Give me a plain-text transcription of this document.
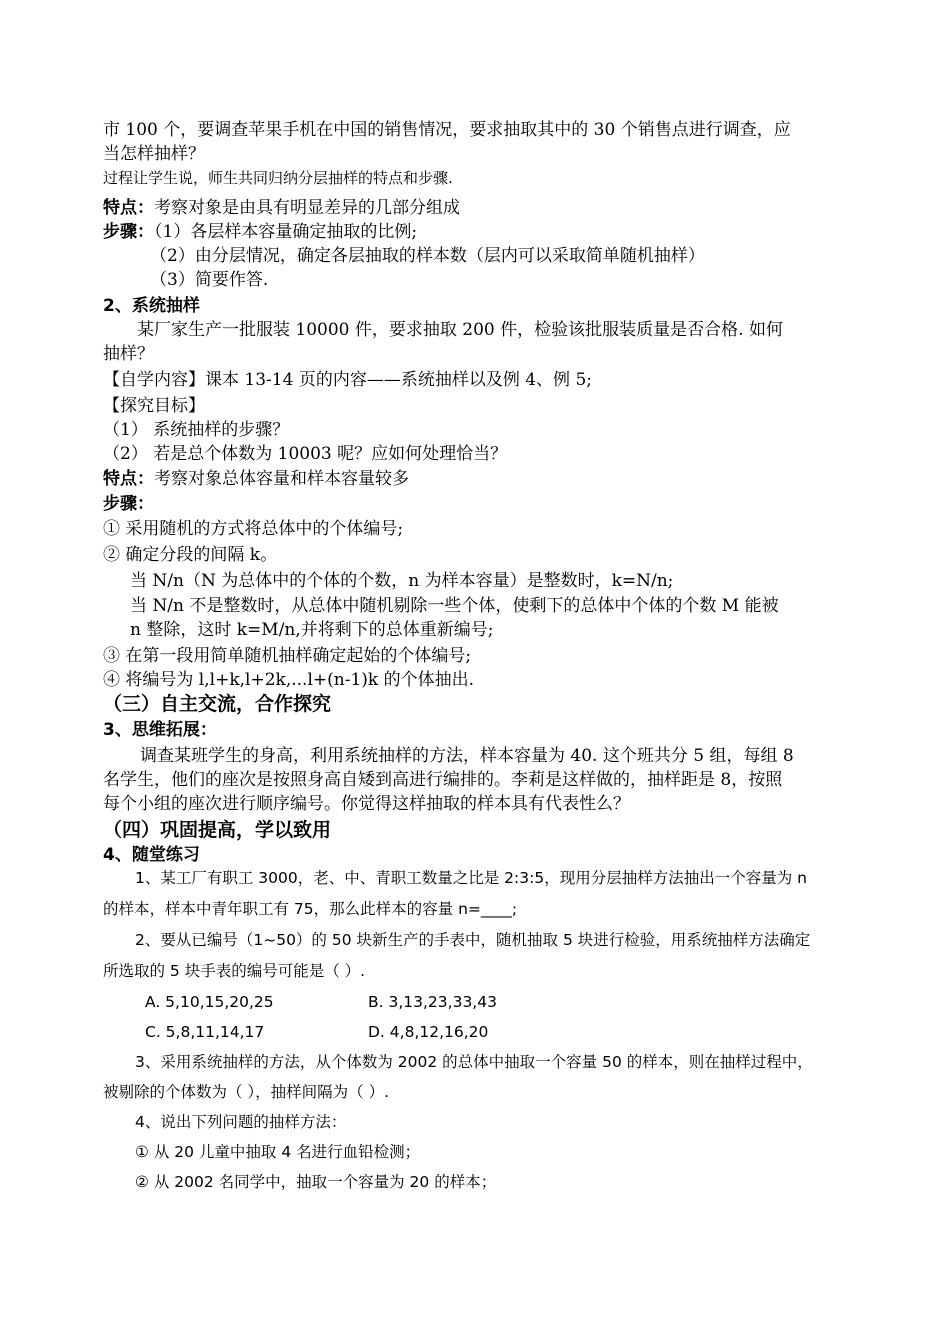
市 100 个，要调查苹果手机在中国的销售情况，要求抽取其中的 30 个销售点进行调查，应
当怎样抽样？
过程让学生说，师生共同归纳分层抽样的特点和步骤.
特点：考察对象是由具有明显差异的几部分组成
步骤：（1）各层样本容量确定抽取的比例;
（2）由分层情况，确定各层抽取的样本数（层内可以采取简单随机抽样）
（3）简要作答.
2、系统抽样
某厂家生产一批服装 10000 件，要求抽取 200 件，检验该批服装质量是否合格. 如何
抽样？
【自学内容】课本 13-14 页的内容——系统抽样以及例 4、例 5;
【探究目标】
（1） 系统抽样的步骤？
（2） 若是总个体数为 10003 呢？应如何处理恰当？
特点：考察对象总体容量和样本容量较多
步骤：
① 采用随机的方式将总体中的个体编号;
② 确定分段的间隔 k。
当 N/n（N 为总体中的个体的个数，n 为样本容量）是整数时，k=N/n;
当 N/n 不是整数时，从总体中随机剔除一些个体，使剩下的总体中个体的个数 M 能被
n 整除，这时 k=M/n,并将剩下的总体重新编号;
③ 在第一段用简单随机抽样确定起始的个体编号;
④ 将编号为 l,l+k,l+2k,...l+(n-1)k 的个体抽出.
（三）自主交流，合作探究
3、思维拓展：
调查某班学生的身高，利用系统抽样的方法，样本容量为 40. 这个班共分 5 组，每组 8
名学生，他们的座次是按照身高自矮到高进行编排的。李莉是这样做的，抽样距是 8，按照
每个小组的座次进行顺序编号。你觉得这样抽取的样本具有代表性么？
（四）巩固提高，学以致用
4、随堂练习
1、某工厂有职工 3000，老、中、青职工数量之比是 2:3:5，现用分层抽样方法抽出一个容量为 n
的样本，样本中青年职工有 75，那么此样本的容量 n=____;
2、要从已编号（1~50）的 50 块新生产的手表中，随机抽取 5 块进行检验，用系统抽样方法确定
所选取的 5 块手表的编号可能是（ ）.
A. 5,10,15,20,25	B. 3,13,23,33,43
C. 5,8,11,14,17	D. 4,8,12,16,20
3、采用系统抽样的方法，从个体数为 2002 的总体中抽取一个容量 50 的样本，则在抽样过程中，
被剔除的个体数为（ ），抽样间隔为（ ）.
4、说出下列问题的抽样方法：
① 从 20 儿童中抽取 4 名进行血铅检测；
② 从 2002 名同学中，抽取一个容量为 20 的样本；
